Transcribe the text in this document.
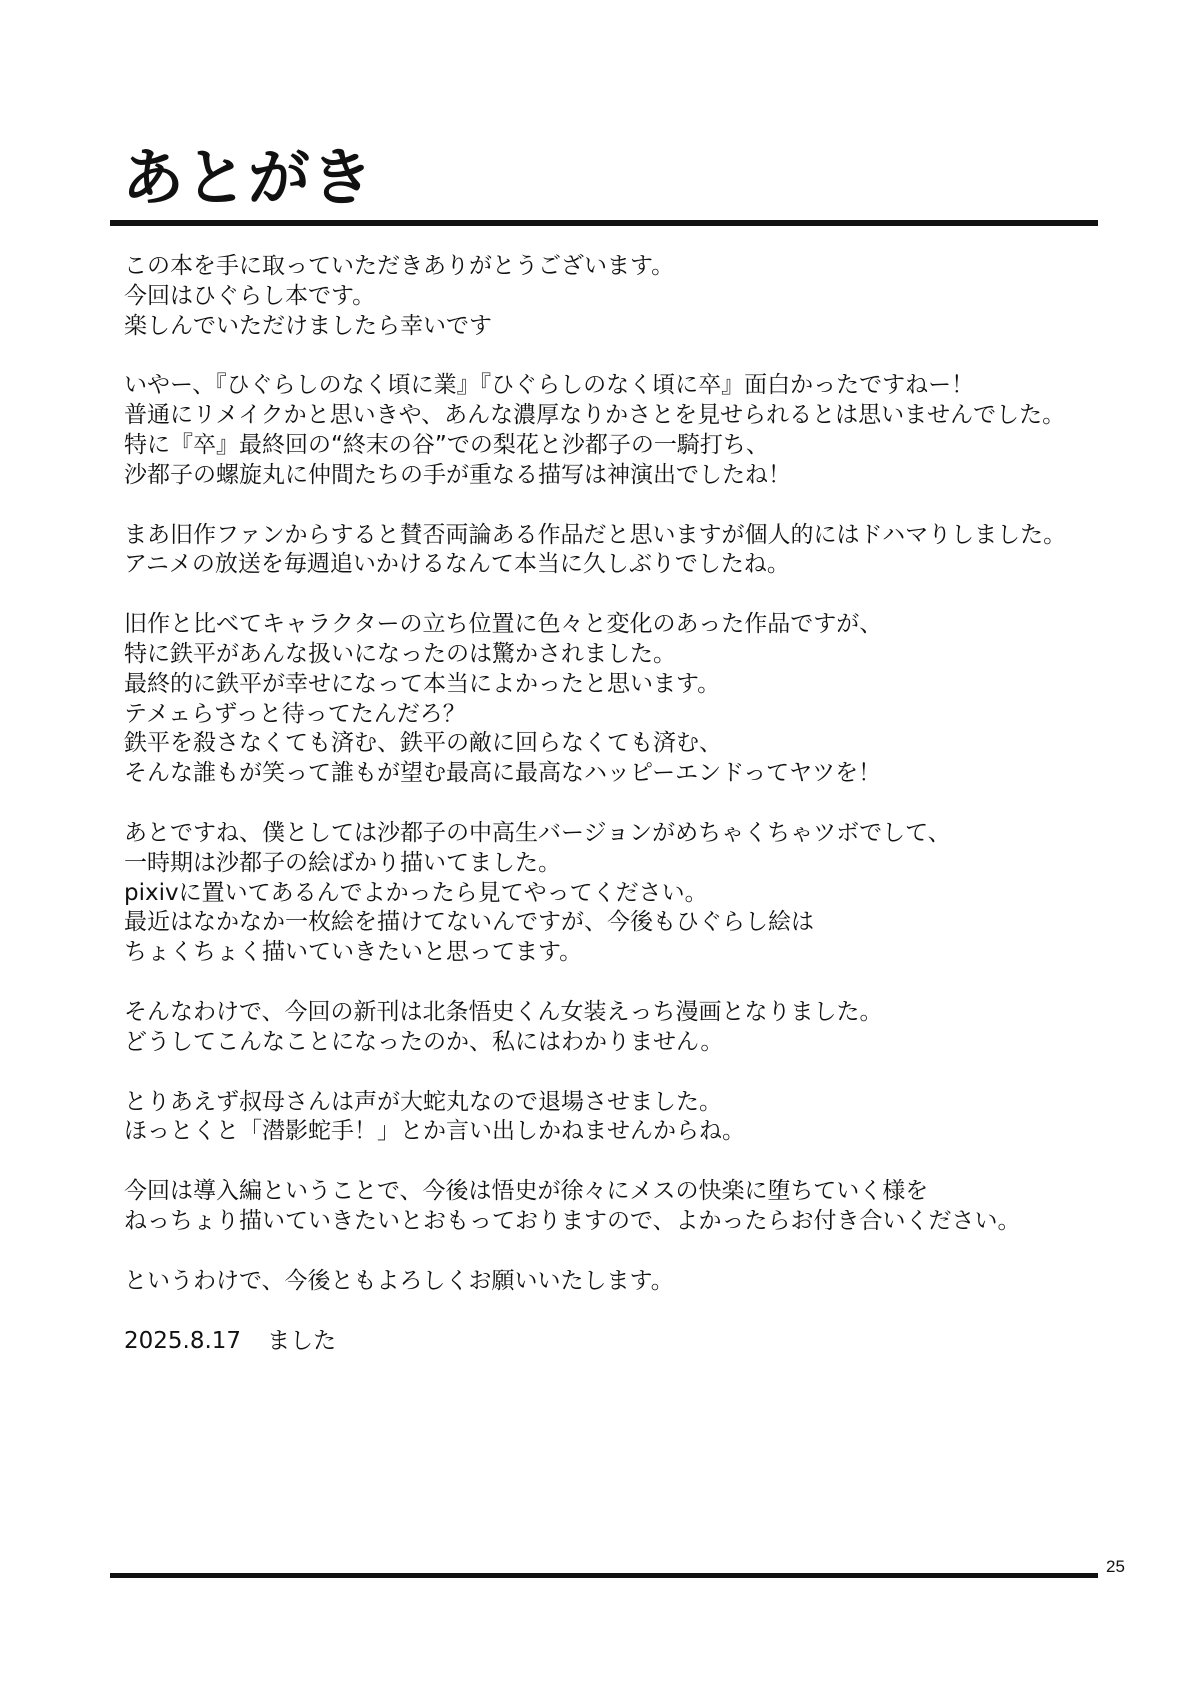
あとがき
この本を手に取っていただきありがとうございます。
今回はひぐらし本です。
楽しんでいただけましたら幸いです
いやー、『ひぐらしのなく頃に業』『ひぐらしのなく頃に卒』面白かったですねー！
普通にリメイクかと思いきや、あんな濃厚なりかさとを見せられるとは思いませんでした。
特に『卒』最終回の“終末の谷”での梨花と沙都子の一騎打ち、
沙都子の螺旋丸に仲間たちの手が重なる描写は神演出でしたね！
まあ旧作ファンからすると賛否両論ある作品だと思いますが個人的にはドハマりしました。
アニメの放送を毎週追いかけるなんて本当に久しぶりでしたね。
旧作と比べてキャラクターの立ち位置に色々と変化のあった作品ですが、
特に鉄平があんな扱いになったのは驚かされました。
最終的に鉄平が幸せになって本当によかったと思います。
テメェらずっと待ってたんだろ？
鉄平を殺さなくても済む、鉄平の敵に回らなくても済む、
そんな誰もが笑って誰もが望む最高に最高なハッピーエンドってヤツを！
あとですね、僕としては沙都子の中高生バージョンがめちゃくちゃツボでして、
一時期は沙都子の絵ばかり描いてました。
pixivに置いてあるんでよかったら見てやってください。
最近はなかなか一枚絵を描けてないんですが、今後もひぐらし絵は
ちょくちょく描いていきたいと思ってます。
そんなわけで、今回の新刊は北条悟史くん女装えっち漫画となりました。
どうしてこんなことになったのか、私にはわかりません。
とりあえず叔母さんは声が大蛇丸なので退場させました。
ほっとくと「潜影蛇手！」とか言い出しかねませんからね。
今回は導入編ということで、今後は悟史が徐々にメスの快楽に堕ちていく様を
ねっちょり描いていきたいとおもっておりますので、よかったらお付き合いください。
というわけで、今後ともよろしくお願いいたします。
2025.8.17 ました
25
